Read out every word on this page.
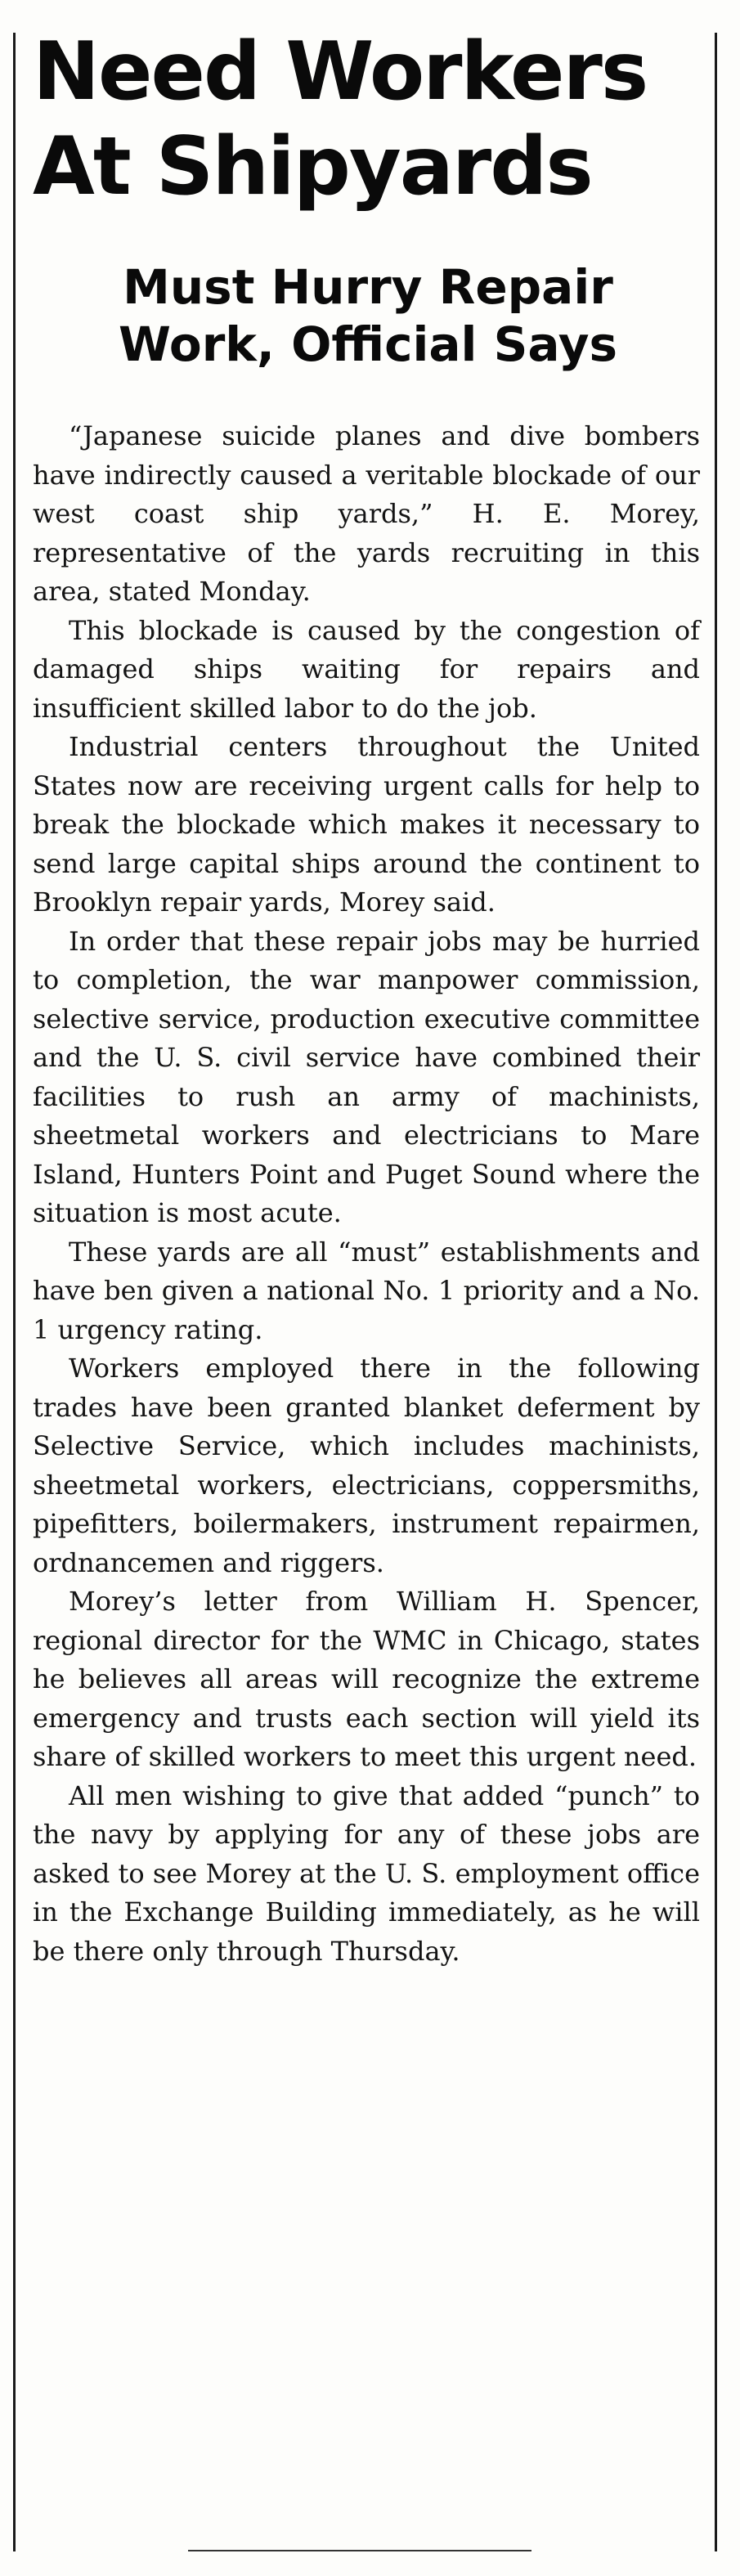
Need Workers
At Shipyards
Must Hurry Repair
Work, Official Says

“Japanese suicide planes and dive bombers have indirectly caused a veritable blockade of our west coast ship yards,” H. E. Morey, representative of the yards recruiting in this area, stated Monday.

This blockade is caused by the congestion of damaged ships waiting for repairs and insufficient skilled labor to do the job.

Industrial centers throughout the United States now are receiving urgent calls for help to break the blockade which makes it necessary to send large capital ships around the continent to Brooklyn repair yards, Morey said.

In order that these repair jobs may be hurried to completion, the war manpower commission, selective service, production executive committee and the U. S. civil service have combined their facilities to rush an army of machinists, sheetmetal workers and electricians to Mare Island, Hunters Point and Puget Sound where the situation is most acute.

These yards are all “must” establishments and have ben given a national No. 1 priority and a No. 1 urgency rating.

Workers employed there in the following trades have been granted blanket deferment by Selective Service, which includes machinists, sheetmetal workers, electricians, coppersmiths, pipefitters, boilermakers, instrument repairmen, ordnancemen and riggers.

Morey’s letter from William H. Spencer, regional director for the WMC in Chicago, states he believes all areas will recognize the extreme emergency and trusts each section will yield its share of skilled workers to meet this urgent need.

All men wishing to give that added “punch” to the navy by applying for any of these jobs are asked to see Morey at the U. S. employment office in the Exchange Building immediately, as he will be there only through Thursday.
